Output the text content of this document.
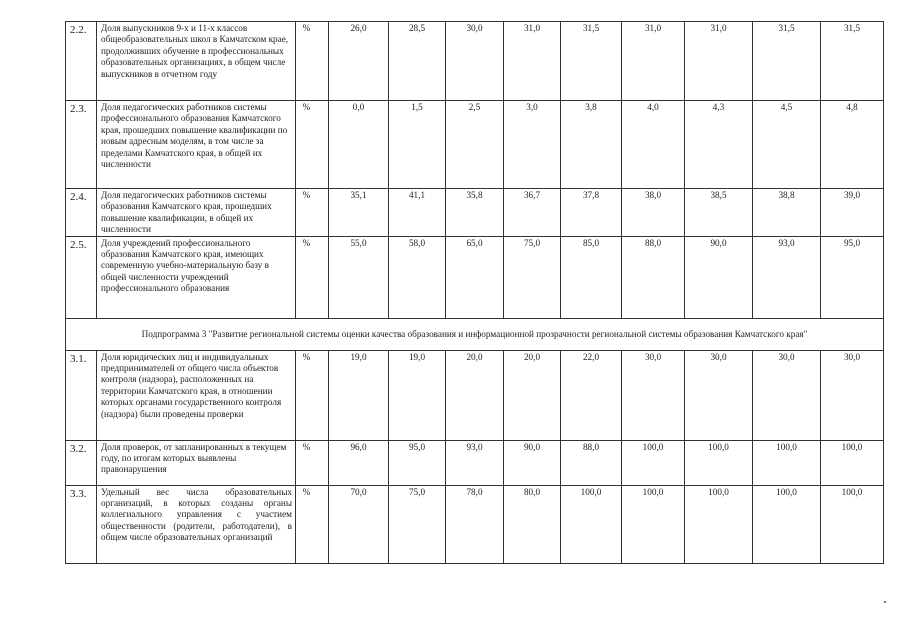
2.2.	Доля выпускников 9-х и 11-х классов общеобразовательных школ в Камчатском крае, продолживших обучение в профессиональных образовательных организациях, в общем числе выпускников в отчетном году	%	26,0	28,5	30,0	31,0	31,5	31,0	31,0	31,5	31,5
2.3.	Доля педагогических работников системы профессионального образования Камчатского края, прошедших повышение квалификации по новым адресным моделям, в том числе за пределами Камчатского края, в общей их численности	%	0,0	1,5	2,5	3,0	3,8	4,0	4,3	4,5	4,8
2.4.	Доля педагогических работников системы образования Камчатского края, прошедших повышение квалификации, в общей их численности	%	35,1	41,1	35,8	36,7	37,8	38,0	38,5	38,8	39,0
2.5.	Доля учреждений профессионального образования Камчатского края, имеющих современную учебно-материальную базу в общей численности учреждений профессионального образования	%	55,0	58,0	65,0	75,0	85,0	88,0	90,0	93,0	95,0
Подпрограмма 3 "Развитие региональной системы оценки качества образования и информационной прозрачности региональной системы образования Камчатского края"											
3.1.	Доля юридических лиц и индивидуальных предпринимателей от общего числа объектов контроля (надзора), расположенных на территории Камчатского края, в отношении которых органами государственного контроля (надзора) были проведены проверки	%	19,0	19,0	20,0	20,0	22,0	30,0	30,0	30,0	30,0
3.2.	Доля проверок, от запланированных в текущем году, по итогам которых выявлены правонарушения	%	96,0	95,0	93,0	90,0	88,0	100,0	100,0	100,0	100,0
3.3.	Удельный вес числа образовательных организаций, в которых созданы органы коллегиального управления с участием общественности (родители, работодатели), в общем числе образовательных организаций	%	70,0	75,0	78,0	80,0	100,0	100,0	100,0	100,0	100,0
